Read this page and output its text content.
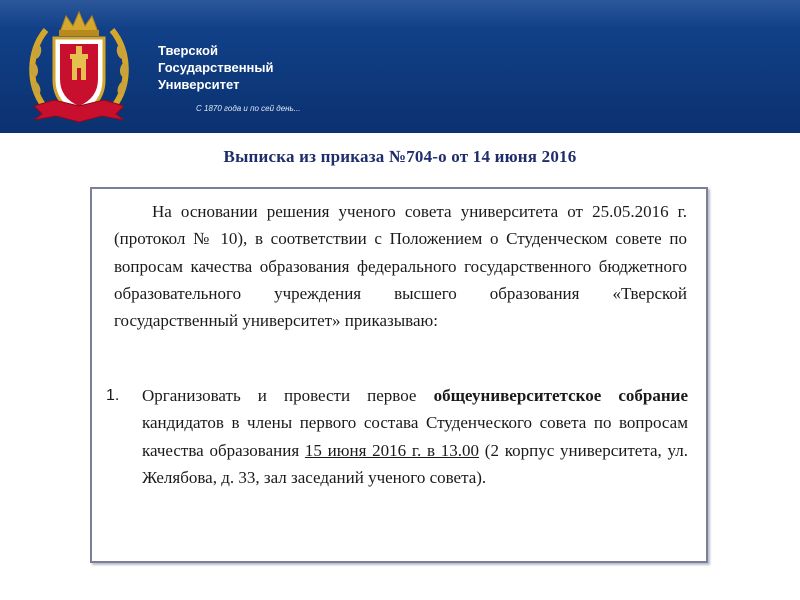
Тверской
Государственный
Университет
С 1870 года и по сей день...
Выписка из приказа №704-о от 14 июня 2016
На основании решения ученого совета университета от 25.05.2016 г. (протокол № 10), в соответствии с Положением о Студенческом совете по вопросам качества образования федерального государственного бюджетного образовательного учреждения высшего образования «Тверской государственный университет» приказываю:
1. Организовать и провести первое общеуниверситетское собрание кандидатов в члены первого состава Студенческого совета по вопросам качества образования 15 июня 2016 г. в 13.00 (2 корпус университета, ул. Желябова, д. 33, зал заседаний ученого совета).
